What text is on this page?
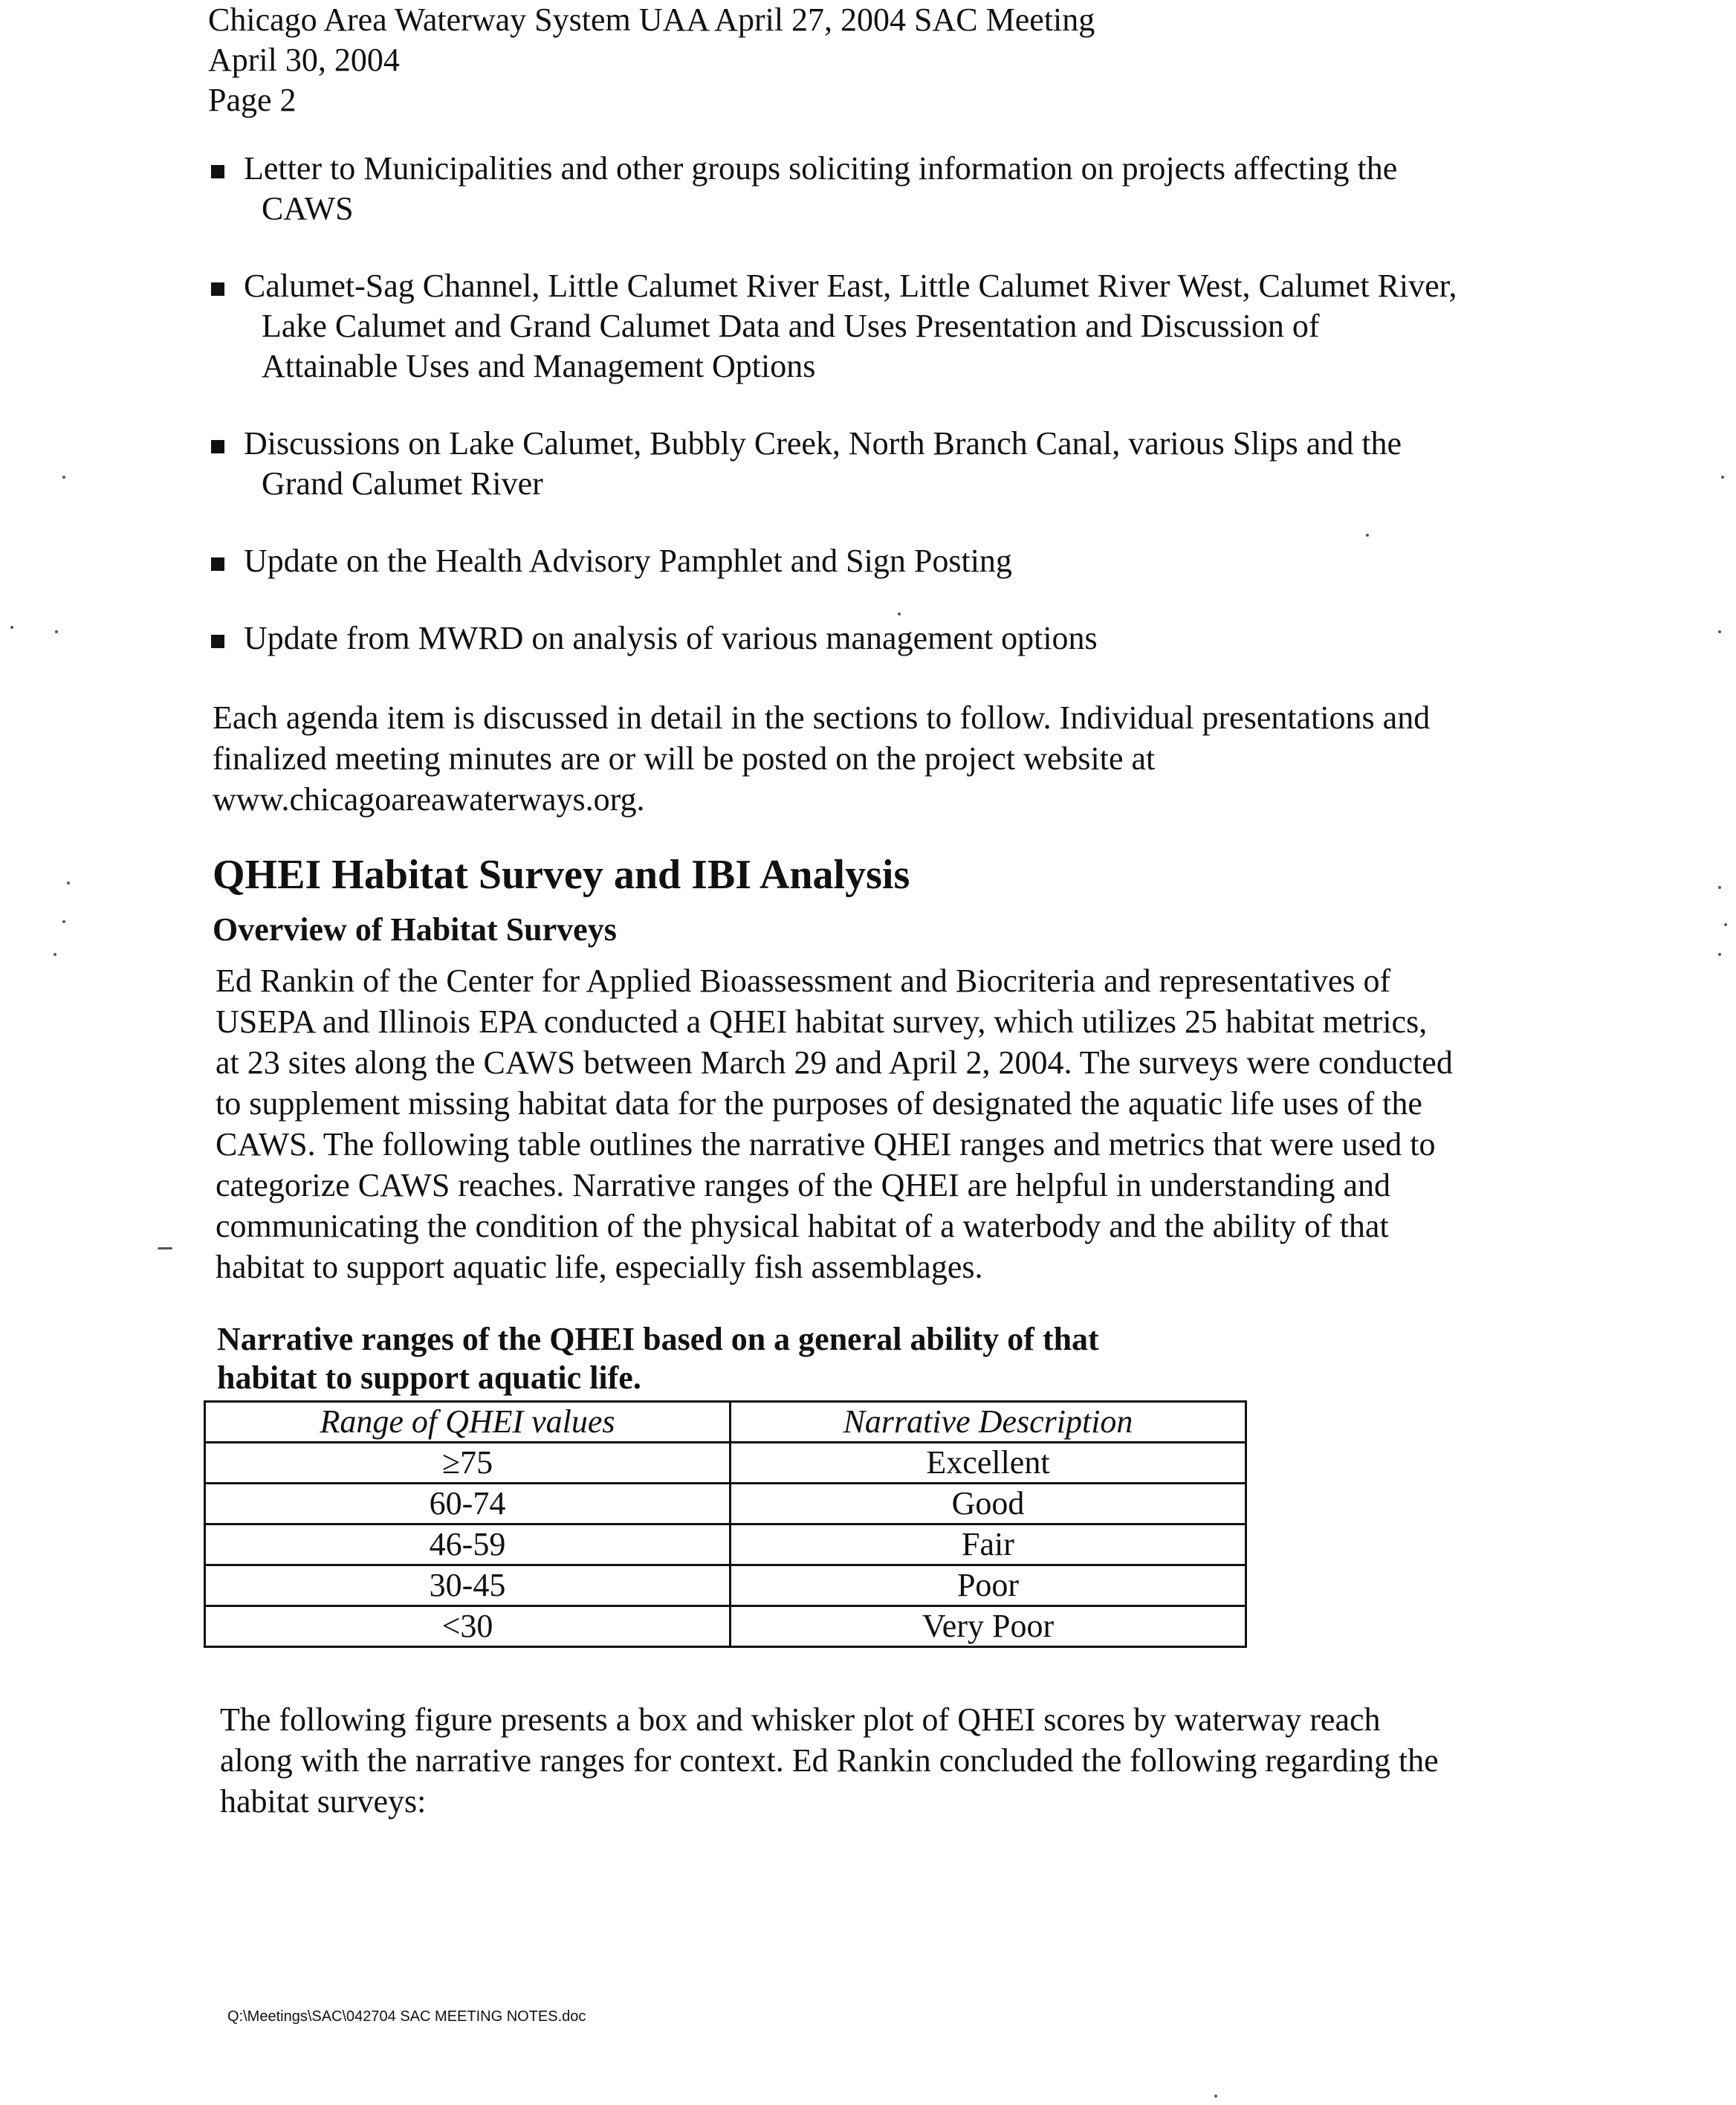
Chicago Area Waterway System UAA April 27, 2004 SAC Meeting
April 30, 2004
Page 2
Letter to Municipalities and other groups soliciting information on projects affecting the
CAWS
Calumet-Sag Channel, Little Calumet River East, Little Calumet River West, Calumet River,
Lake Calumet and Grand Calumet Data and Uses Presentation and Discussion of
Attainable Uses and Management Options
Discussions on Lake Calumet, Bubbly Creek, North Branch Canal, various Slips and the
Grand Calumet River
Update on the Health Advisory Pamphlet and Sign Posting
Update from MWRD on analysis of various management options
Each agenda item is discussed in detail in the sections to follow. Individual presentations and
finalized meeting minutes are or will be posted on the project website at
www.chicagoareawaterways.org.
QHEI Habitat Survey and IBI Analysis
Overview of Habitat Surveys
Ed Rankin of the Center for Applied Bioassessment and Biocriteria and representatives of
USEPA and Illinois EPA conducted a QHEI habitat survey, which utilizes 25 habitat metrics,
at 23 sites along the CAWS between March 29 and April 2, 2004. The surveys were conducted
to supplement missing habitat data for the purposes of designated the aquatic life uses of the
CAWS. The following table outlines the narrative QHEI ranges and metrics that were used to
categorize CAWS reaches. Narrative ranges of the QHEI are helpful in understanding and
communicating the condition of the physical habitat of a waterbody and the ability of that
habitat to support aquatic life, especially fish assemblages.
Narrative ranges of the QHEI based on a general ability of that
habitat to support aquatic life.
Range of QHEI values	Narrative Description
≥75	Excellent
60-74	Good
46-59	Fair
30-45	Poor
<30	Very Poor
The following figure presents a box and whisker plot of QHEI scores by waterway reach
along with the narrative ranges for context. Ed Rankin concluded the following regarding the
habitat surveys:
Q:\Meetings\SAC\042704 SAC MEETING NOTES.doc
